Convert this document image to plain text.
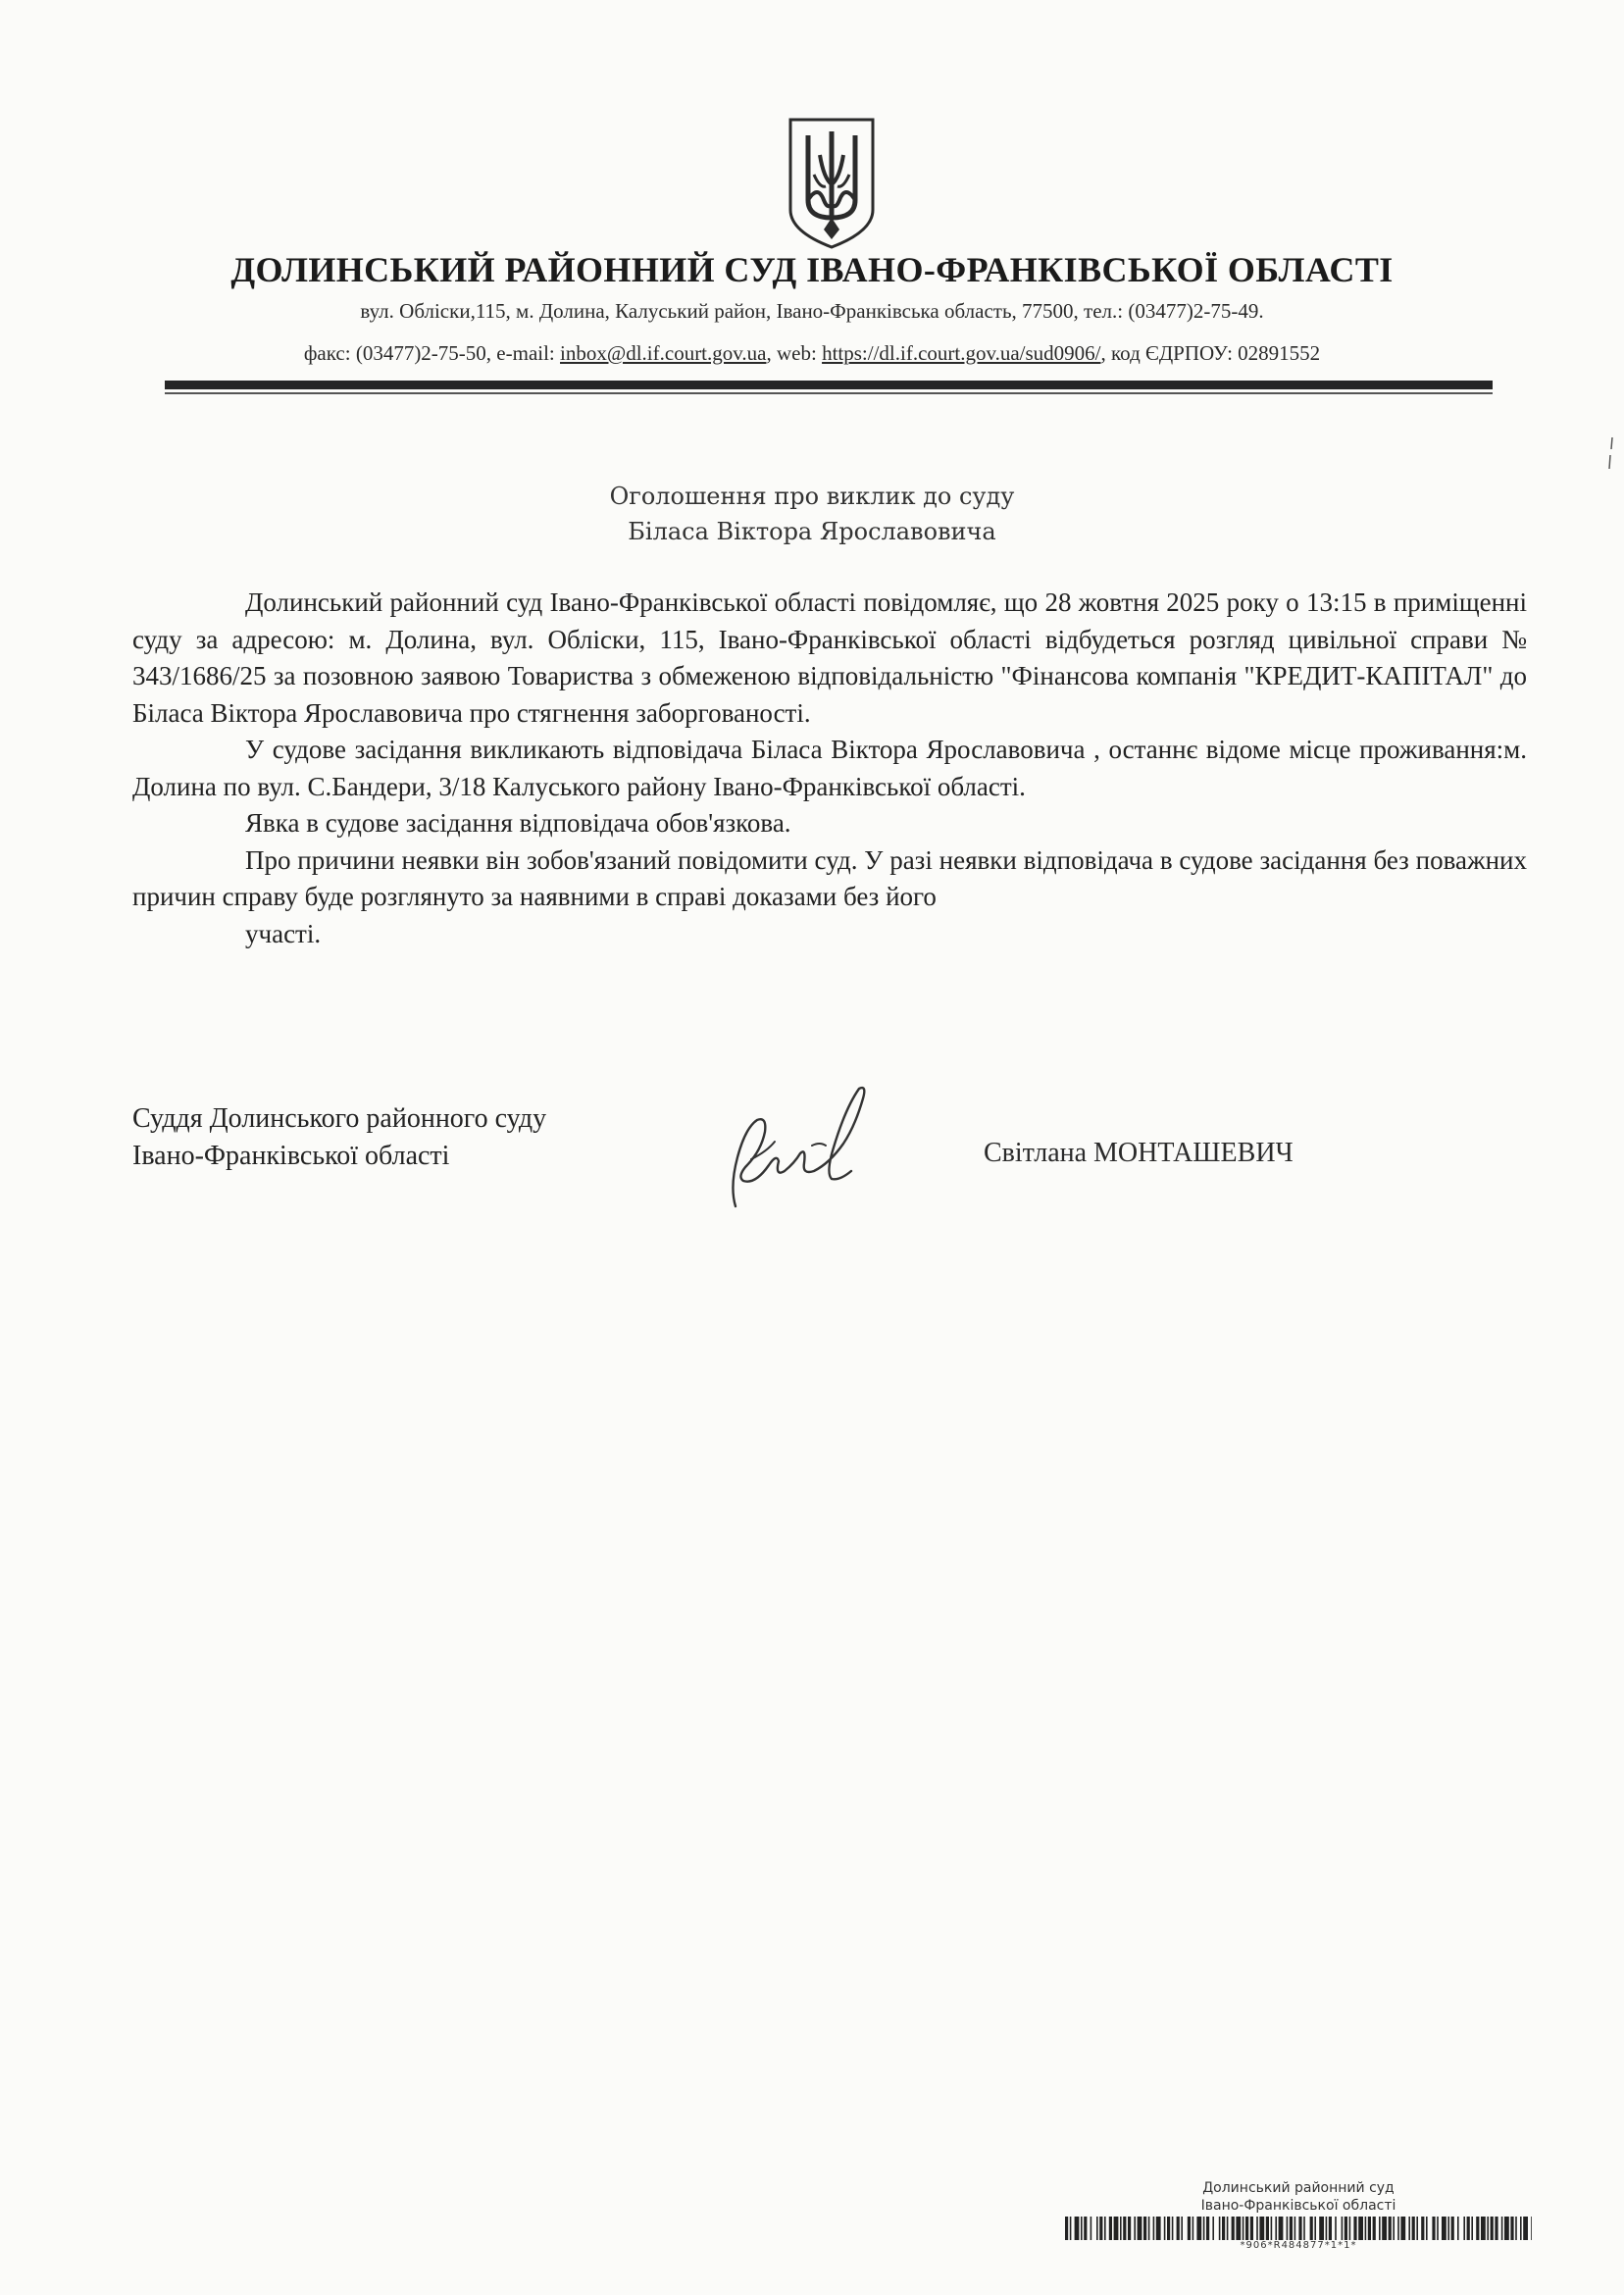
ДОЛИНСЬКИЙ РАЙОННИЙ СУД ІВАНО-ФРАНКІВСЬКОЇ ОБЛАСТІ
вул. Обліски,115, м. Долина, Калуський район, Івано-Франківська область, 77500, тел.: (03477)2-75-49.
факс: (03477)2-75-50, e-mail: inbox@dl.if.court.gov.ua, web: https://dl.if.court.gov.ua/sud0906/, код ЄДРПОУ: 02891552
Оголошення про виклик до суду
Біласа Віктора Ярославовича

Долинський районний суд Івано-Франківської області повідомляє, що 28 жовтня 2025 року о 13:15 в приміщенні суду за адресою: м. Долина, вул. Обліски, 115, Івано-Франківської області відбудеться розгляд цивільної справи № 343/1686/25 за позовною заявою Товариства з обмеженою відповідальністю "Фінансова компанія "КРЕДИТ-КАПІТАЛ" до Біласа Віктора Ярославовича про стягнення заборгованості.

У судове засідання викликають відповідача Біласа Віктора Ярославовича , останнє відоме місце проживання:м. Долина по вул. С.Бандери, 3/18 Калуського району Івано-Франківської області.

Явка в судове засідання відповідача обов'язкова.

Про причини неявки він зобов'язаний повідомити суд. У разі неявки відповідача в судове засідання без поважних причин справу буде розглянуто за наявними в справі доказами без його

участі.
Суддя Долинського районного суду
Івано-Франківської області	Світлана МОНТАШЕВИЧ
Долинський районний суд
Івано-Франківської області
*906*R484877*1*1*
